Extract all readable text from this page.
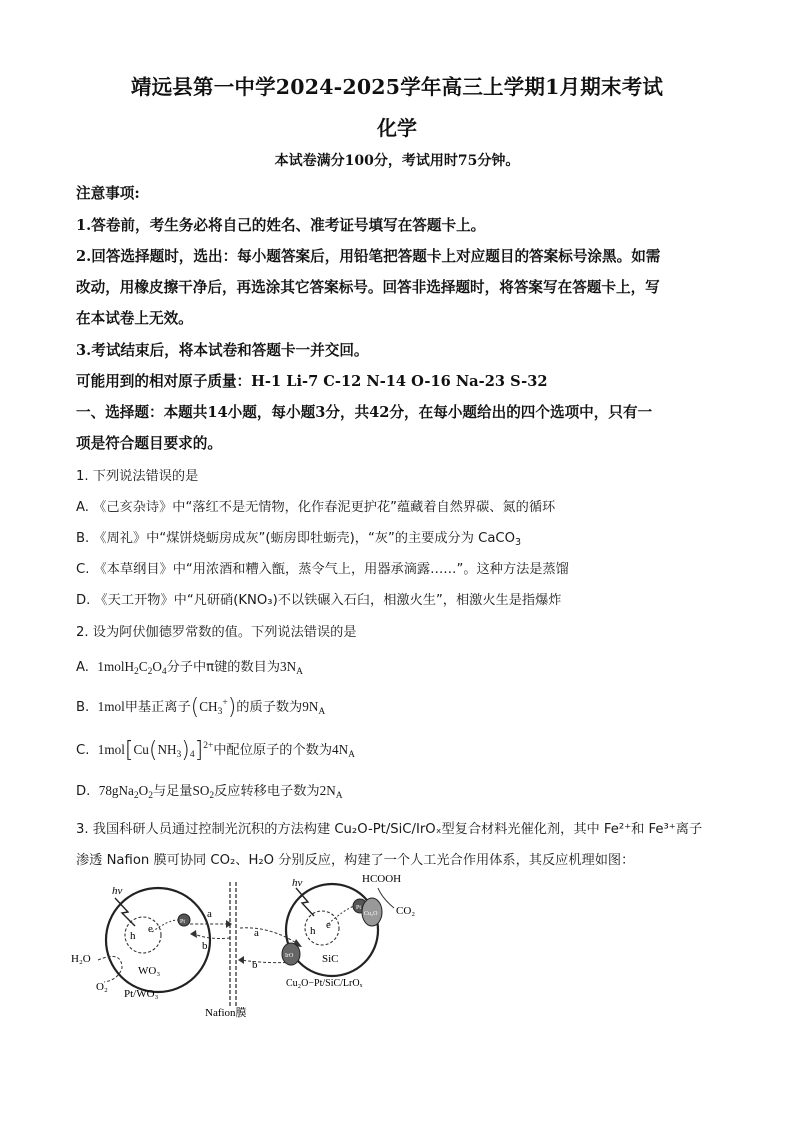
靖远县第一中学2024-2025学年高三上学期1月期末考试
化学
本试卷满分100分，考试用时75分钟。
注意事项:
1.答卷前，考生务必将自己的姓名、准考证号填写在答题卡上。
2.回答选择题时，选出：每小题答案后，用铅笔把答题卡上对应题目的答案标号涂黑。如需
改动，用橡皮擦干净后，再选涂其它答案标号。回答非选择题时，将答案写在答题卡上，写
在本试卷上无效。
3.考试结束后，将本试卷和答题卡一并交回。
可能用到的相对原子质量：H-1 Li-7 C-12 N-14 O-16 Na-23 S-32
一、选择题：本题共14小题，每小题3分，共42分，在每小题给出的四个选项中，只有一
项是符合题目要求的。
1. 下列说法错误的是
A. 《己亥杂诗》中“落红不是无情物，化作春泥更护花”蕴藏着自然界碳、氮的循环
B. 《周礼》中“煤饼烧蛎房成灰”(蛎房即牡蛎壳)，“灰”的主要成分为 CaCO$_3$
C. 《本草纲目》中“用浓酒和糟入甑，蒸令气上，用器承滴露……”。这种方法是蒸馏
D. 《天工开物》中“凡研硝(KNO₃)不以铁碾入石臼，相激火生”，相激火生是指爆炸
2. 设为阿伏伽德罗常数的值。下列说法错误的是
A.  $1molH_2C_2O_4$分子中π键的数目为$3N_A$
B.  1mol甲基正离子$(CH_3^+)$的质子数为$9N_A$
C.  $1mol[Cu(NH_3)_4]^{2+}$中配位原子的个数为$4N_A$
D.  $78gNa_2O_2$与足量$SO_2$反应转移电子数为$2N_A$
3. 我国科研人员通过控制光沉积的方法构建 Cu₂O-Pt/SiC/IrOₓ型复合材料光催化剂，其中 Fe²⁺和 Fe³⁺离子
渗透 Nafion 膜可协同 CO₂、H₂O 分别反应，构建了一个人工光合作用体系，其反应机理如图：
h
e
Pt
hν
WO₃
Pt/WO₃
H₂O
O₂
a
b
Nafion膜
a
b
h e
hν
SiC
IrO
Pt
Cu₂O
HCOOH
CO₂
Cu₂O−Pt/SiC/LrOₓ
